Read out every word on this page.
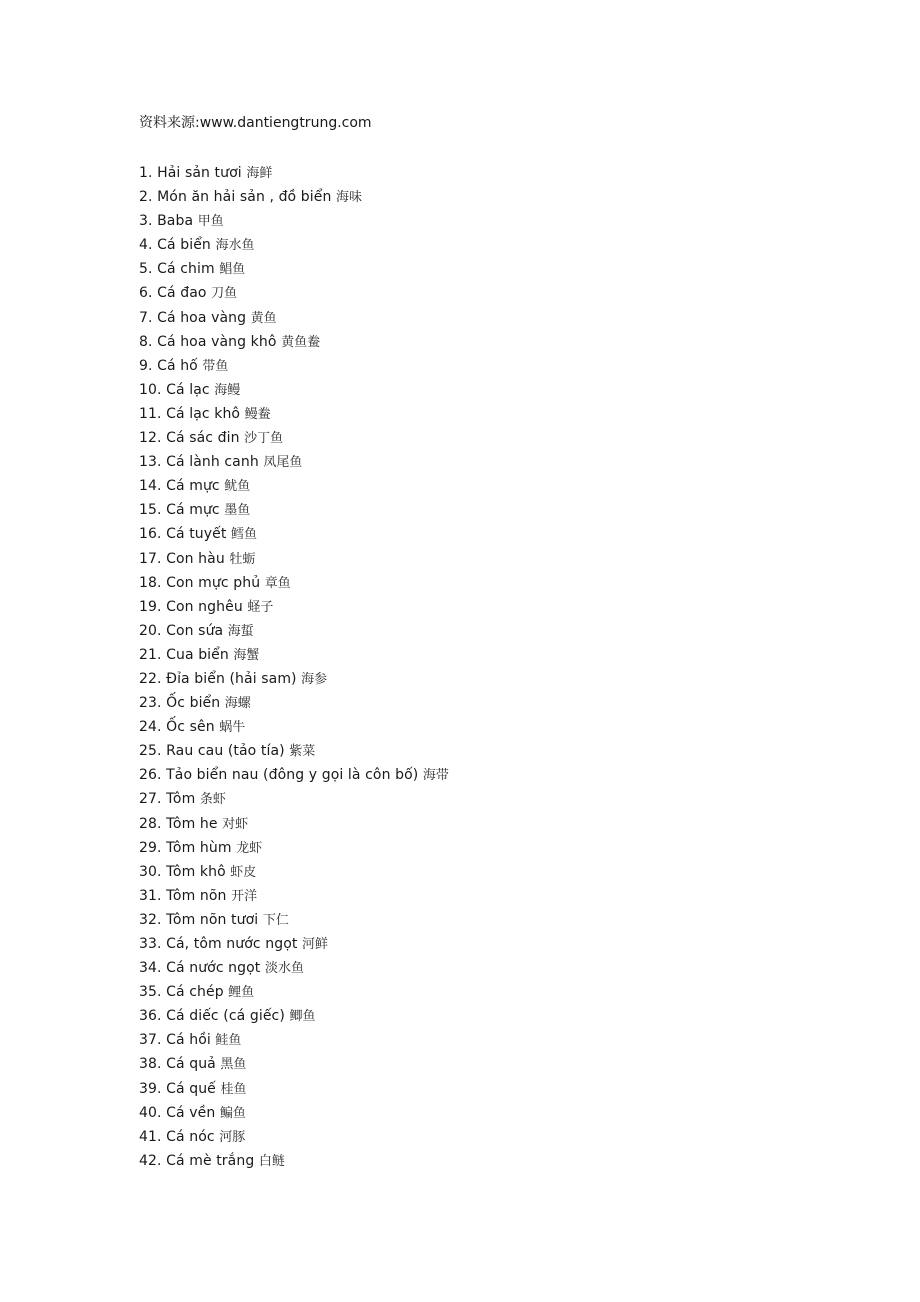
资料来源:www.dantiengtrung.com
1. Hải sản tươi 海鲜
2. Món ăn hải sản , đồ biển 海味
3. Baba 甲鱼
4. Cá biển 海水鱼
5. Cá chim 鲳鱼
6. Cá đao 刀鱼
7. Cá hoa vàng 黄鱼
8. Cá hoa vàng khô 黄鱼鲞
9. Cá hố 带鱼
10. Cá lạc 海鳗
11. Cá lạc khô 鳗鲞
12. Cá sác đin 沙丁鱼
13. Cá lành canh 凤尾鱼
14. Cá mực 鱿鱼
15. Cá mực 墨鱼
16. Cá tuyết 鳕鱼
17. Con hàu 牡蛎
18. Con mực phủ 章鱼
19. Con nghêu 蛏子
20. Con sứa 海蜇
21. Cua biển 海蟹
22. Đỉa biển (hải sam) 海参
23. Ốc biển 海螺
24. Ốc sên 蜗牛
25. Rau cau (tảo tía) 紫菜
26. Tảo biển nau (đông y gọi là côn bố) 海带
27. Tôm 条虾
28. Tôm he 对虾
29. Tôm hùm 龙虾
30. Tôm khô 虾皮
31. Tôm nõn 开洋
32. Tôm nõn tươi 下仁
33. Cá, tôm nước ngọt 河鲜
34. Cá nước ngọt 淡水鱼
35. Cá chép 鲤鱼
36. Cá diếc (cá giếc) 鲫鱼
37. Cá hồi 鲑鱼
38. Cá quả 黑鱼
39. Cá quế 桂鱼
40. Cá vền 鳊鱼
41. Cá nóc 河豚
42. Cá mè trắng 白鲢
